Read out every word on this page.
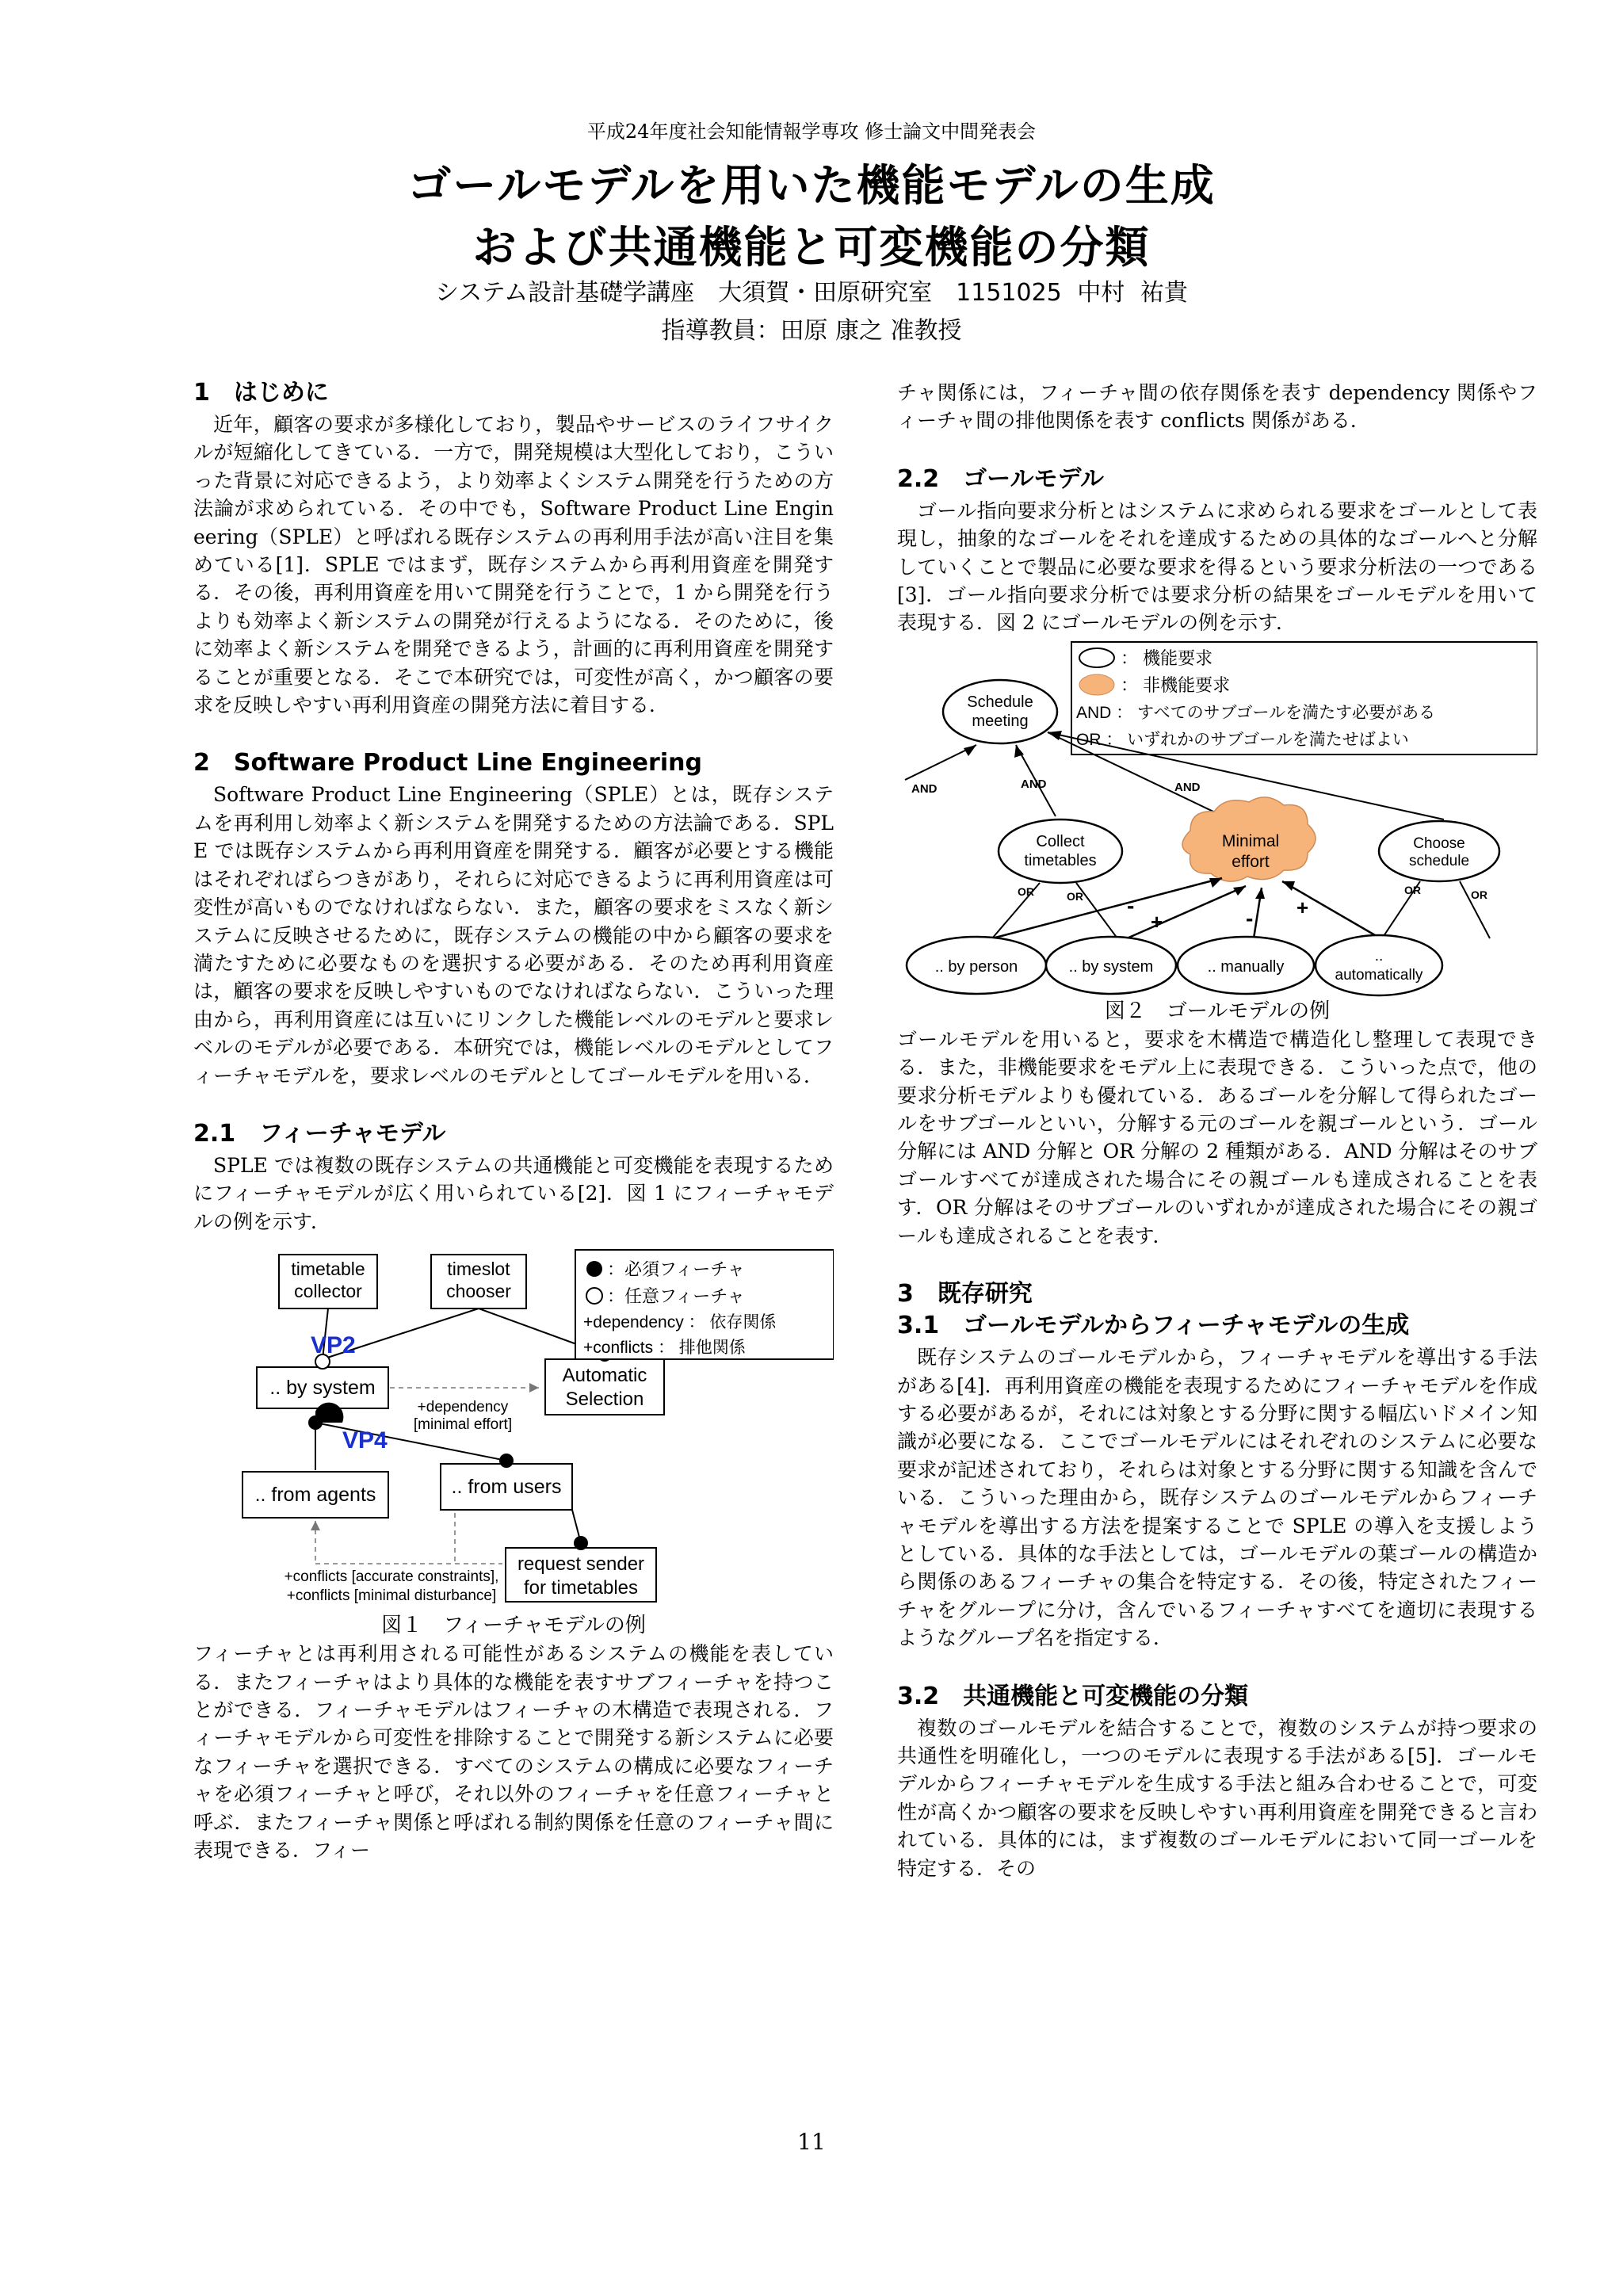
平成24年度社会知能情報学専攻 修士論文中間発表会
ゴールモデルを用いた機能モデルの生成
および共通機能と可変機能の分類
システム設計基礎学講座　大須賀・田原研究室　1151025 中村 祐貴
指導教員：田原 康之 准教授
1　はじめに

近年，顧客の要求が多様化しており，製品やサービスのライフサイクルが短縮化してきている．一方で，開発規模は大型化しており，こういった背景に対応できるよう，より効率よくシステム開発を行うための方法論が求められている．その中でも，Software Product Line Engineering（SPLE）と呼ばれる既存システムの再利用手法が高い注目を集めている[1]．SPLE ではまず，既存システムから再利用資産を開発する．その後，再利用資産を用いて開発を行うことで，1 から開発を行うよりも効率よく新システムの開発が行えるようになる．そのために，後に効率よく新システムを開発できるよう，計画的に再利用資産を開発することが重要となる．そこで本研究では，可変性が高く，かつ顧客の要求を反映しやすい再利用資産の開発方法に着目する．

2　Software Product Line Engineering

Software Product Line Engineering（SPLE）とは，既存システムを再利用し効率よく新システムを開発するための方法論である．SPLE では既存システムから再利用資産を開発する．顧客が必要とする機能はそれぞればらつきがあり，それらに対応できるように再利用資産は可変性が高いものでなければならない．また，顧客の要求をミスなく新システムに反映させるために，既存システムの機能の中から顧客の要求を満たすために必要なものを選択する必要がある．そのため再利用資産は，顧客の要求を反映しやすいものでなければならない．こういった理由から，再利用資産には互いにリンクした機能レベルのモデルと要求レベルのモデルが必要である．本研究では，機能レベルのモデルとしてフィーチャモデルを，要求レベルのモデルとしてゴールモデルを用いる．

2.1　フィーチャモデル

SPLE では複数の既存システムの共通機能と可変機能を表現するためにフィーチャモデルが広く用いられている[2]．図 1 にフィーチャモデルの例を示す．

timetable
collector
timeslot
chooser
.. by system
Automatic
Selection
.. from agents	.. from users
request sender
for timetables
+dependency
[minimal effort]
+conflicts [accurate constraints],
+conflicts [minimal disturbance]
VP2
VP4
：必須フィーチャ
：任意フィーチャ
+dependency ： 依存関係
+conflicts ： 排他関係
図１　フィーチャモデルの例

フィーチャとは再利用される可能性があるシステムの機能を表している．またフィーチャはより具体的な機能を表すサブフィーチャを持つことができる．フィーチャモデルはフィーチャの木構造で表現される．フィーチャモデルから可変性を排除することで開発する新システムに必要なフィーチャを選択できる．すべてのシステムの構成に必要なフィーチャを必須フィーチャと呼び，それ以外のフィーチャを任意フィーチャと呼ぶ．またフィーチャ関係と呼ばれる制約関係を任意のフィーチャ間に表現できる．フィー

チャ関係には，フィーチャ間の依存関係を表す dependency 関係やフィーチャ間の排他関係を表す conflicts 関係がある．

2.2　ゴールモデル

ゴール指向要求分析とはシステムに求められる要求をゴールとして表現し，抽象的なゴールをそれを達成するための具体的なゴールへと分解していくことで製品に必要な要求を得るという要求分析法の一つである[3]．ゴール指向要求分析では要求分析の結果をゴールモデルを用いて表現する．図 2 にゴールモデルの例を示す．

： 機能要求
： 非機能要求
AND ： すべてのサブゴールを満たす必要がある
OR ： いずれかのサブゴールを満たせばよい
Schedule
meeting
AND	AND	AND
Collect
timetables
Minimal
effort
Choose
schedule
OR	OR	OR	OR
-
+	- +
.. by person	.. by system	.. manually
..
automatically
図２　ゴールモデルの例

ゴールモデルを用いると，要求を木構造で構造化し整理して表現できる．また，非機能要求をモデル上に表現できる．こういった点で，他の要求分析モデルよりも優れている．あるゴールを分解して得られたゴールをサブゴールといい，分解する元のゴールを親ゴールという．ゴール分解には AND 分解と OR 分解の 2 種類がある．AND 分解はそのサブゴールすべてが達成された場合にその親ゴールも達成されることを表す．OR 分解はそのサブゴールのいずれかが達成された場合にその親ゴールも達成されることを表す．

3　既存研究
3.1　ゴールモデルからフィーチャモデルの生成

既存システムのゴールモデルから，フィーチャモデルを導出する手法がある[4]．再利用資産の機能を表現するためにフィーチャモデルを作成する必要があるが，それには対象とする分野に関する幅広いドメイン知識が必要になる．ここでゴールモデルにはそれぞれのシステムに必要な要求が記述されており，それらは対象とする分野に関する知識を含んでいる．こういった理由から，既存システムのゴールモデルからフィーチャモデルを導出する方法を提案することで SPLE の導入を支援しようとしている．具体的な手法としては，ゴールモデルの葉ゴールの構造から関係のあるフィーチャの集合を特定する．その後，特定されたフィーチャをグループに分け，含んでいるフィーチャすべてを適切に表現するようなグループ名を指定する．

3.2　共通機能と可変機能の分類

複数のゴールモデルを結合することで，複数のシステムが持つ要求の共通性を明確化し，一つのモデルに表現する手法がある[5]．ゴールモデルからフィーチャモデルを生成する手法と組み合わせることで，可変性が高くかつ顧客の要求を反映しやすい再利用資産を開発できると言われている．具体的には，まず複数のゴールモデルにおいて同一ゴールを特定する．その

11
